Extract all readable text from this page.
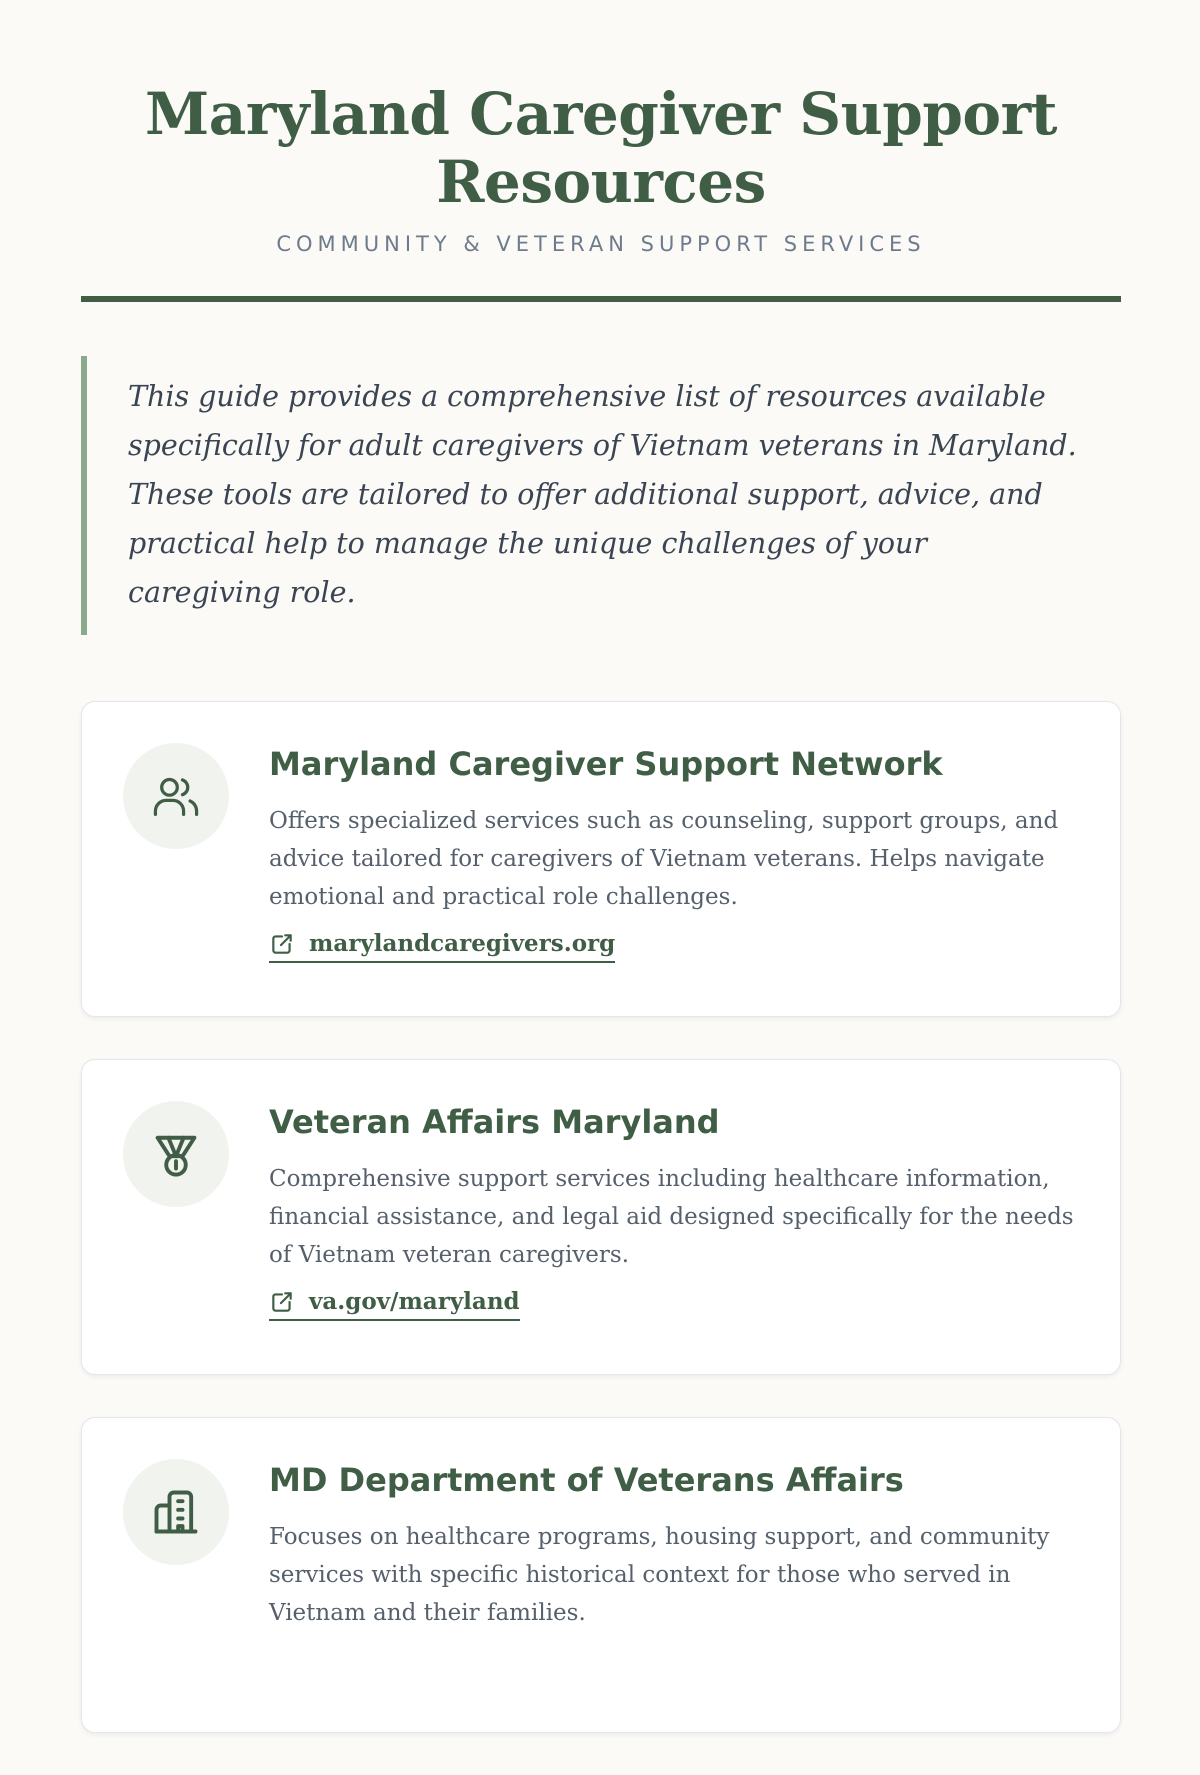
Maryland Caregiver Support Resources
COMMUNITY & VETERAN SUPPORT SERVICES
This guide provides a comprehensive list of resources available specifically for adult caregivers of Vietnam veterans in Maryland. These tools are tailored to offer additional support, advice, and practical help to manage the unique challenges of your caregiving role.
Maryland Caregiver Support Network
Offers specialized services such as counseling, support groups, and advice tailored for caregivers of Vietnam veterans. Helps navigate emotional and practical role challenges.
marylandcaregivers.org
Veteran Affairs Maryland
Comprehensive support services including healthcare information, financial assistance, and legal aid designed specifically for the needs of Vietnam veteran caregivers.
va.gov/maryland
MD Department of Veterans Affairs
Focuses on healthcare programs, housing support, and community services with specific historical context for those who served in Vietnam and their families.
